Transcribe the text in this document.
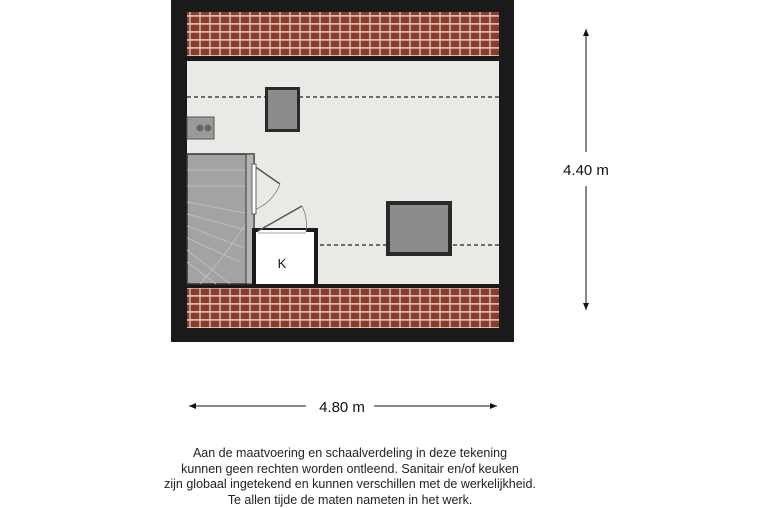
K
4.80 m
4.40 m
Aan de maatvoering en schaalverdeling in deze tekening
kunnen geen rechten worden ontleend. Sanitair en/of keuken
zijn globaal ingetekend en kunnen verschillen met de werkelijkheid.
Te allen tijde de maten nameten in het werk.
